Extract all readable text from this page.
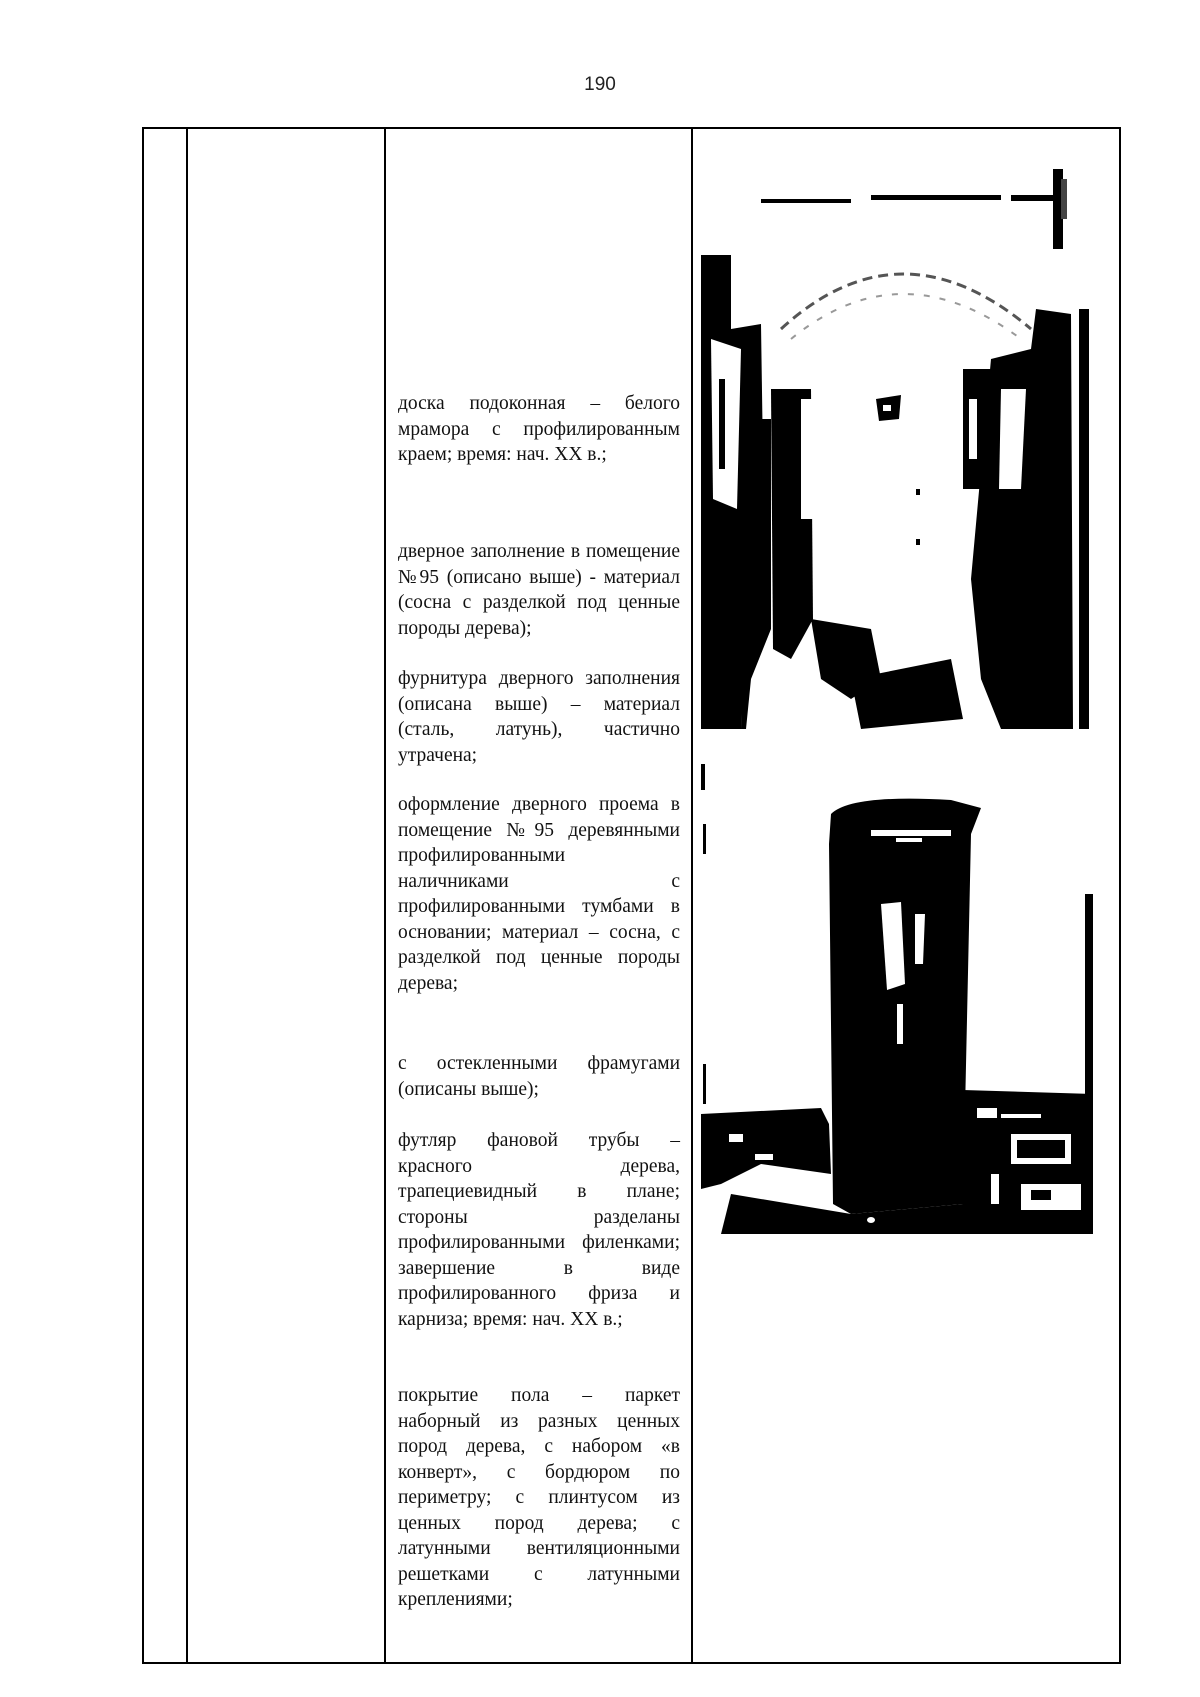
190

доска подоконная – белого мрамора с профилированным краем; время: нач. XX в.;

дверное заполнение в помещение №95 (описано выше) - материал (сосна с разделкой под ценные породы дерева);

фурнитура дверного заполнения (описана выше) – материал (сталь, латунь), частично утрачена;

оформление дверного проема в помещение №95 деревянными профилированными наличниками с профилированными тумбами в основании; материал – сосна, с разделкой под ценные породы дерева;

с остекленными фрамугами (описаны выше);

футляр фановой трубы – красного дерева, трапециевидный в плане; стороны разделаны профилированными филенками; завершение в виде профилированного фриза и карниза; время: нач. XX в.;

покрытие пола – паркет наборный из разных ценных пород дерева, с набором «в конверт», с бордюром по периметру; с плинтусом из ценных пород дерева; с латунными вентиляционными решетками с латунными креплениями;
